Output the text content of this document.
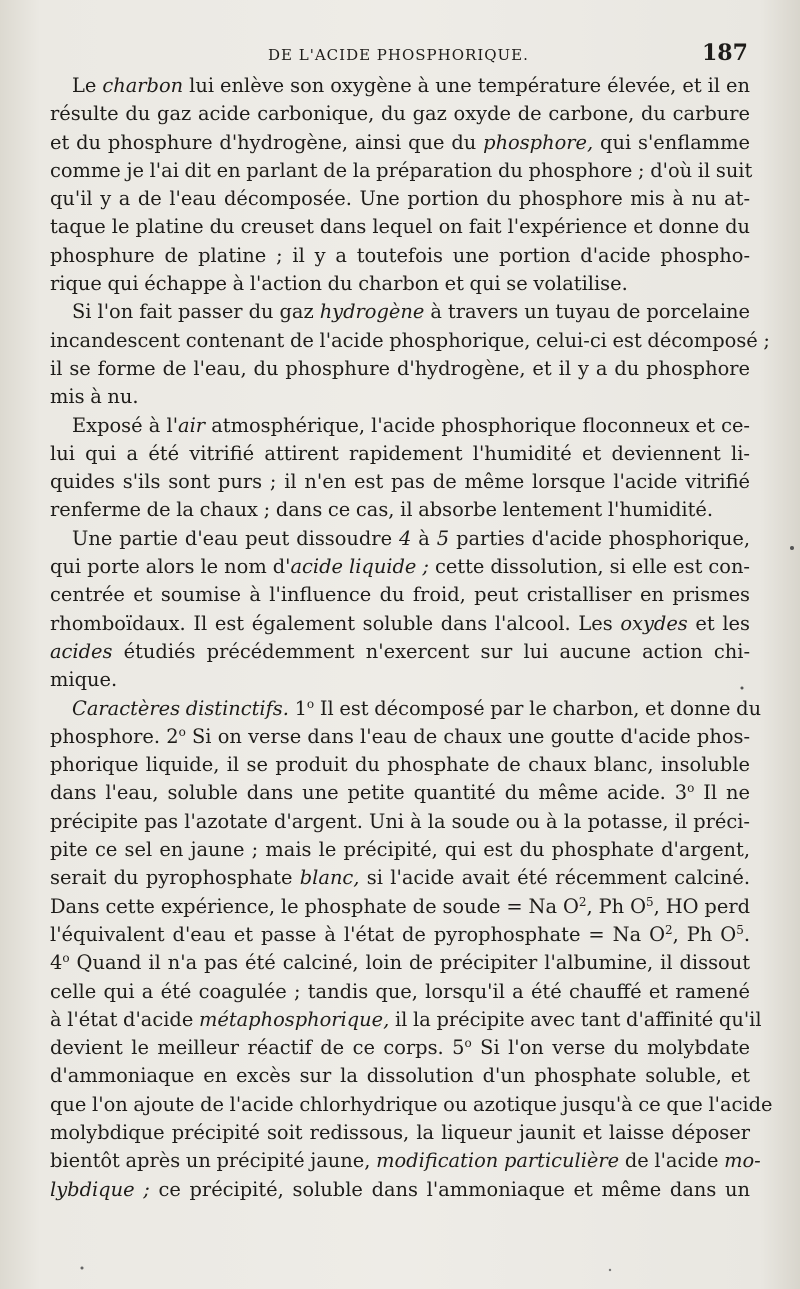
DE L'ACIDE PHOSPHORIQUE.	187
Le charbon lui enlève son oxygène à une température élevée, et il en
résulte du gaz acide carbonique, du gaz oxyde de carbone, du carbure
et du phosphure d'hydrogène, ainsi que du phosphore, qui s'enflamme
comme je l'ai dit en parlant de la préparation du phosphore ; d'où il suit
qu'il y a de l'eau décomposée. Une portion du phosphore mis à nu at-
taque le platine du creuset dans lequel on fait l'expérience et donne du
phosphure de platine ; il y a toutefois une portion d'acide phospho-
rique qui échappe à l'action du charbon et qui se volatilise.
Si l'on fait passer du gaz hydrogène à travers un tuyau de porcelaine
incandescent contenant de l'acide phosphorique, celui-ci est décomposé ;
il se forme de l'eau, du phosphure d'hydrogène, et il y a du phosphore
mis à nu.
Exposé à l'air atmosphérique, l'acide phosphorique floconneux et ce-
lui qui a été vitrifié attirent rapidement l'humidité et deviennent li-
quides s'ils sont purs ; il n'en est pas de même lorsque l'acide vitrifié
renferme de la chaux ; dans ce cas, il absorbe lentement l'humidité.
Une partie d'eau peut dissoudre 4 à 5 parties d'acide phosphorique,
qui porte alors le nom d'acide liquide ; cette dissolution, si elle est con-
centrée et soumise à l'influence du froid, peut cristalliser en prismes
rhomboïdaux. Il est également soluble dans l'alcool. Les oxydes et les
acides étudiés précédemment n'exercent sur lui aucune action chi-
mique.
Caractères distinctifs. 1$^o$ Il est décomposé par le charbon, et donne du
phosphore. 2$^o$ Si on verse dans l'eau de chaux une goutte d'acide phos-
phorique liquide, il se produit du phosphate de chaux blanc, insoluble
dans l'eau, soluble dans une petite quantité du même acide. 3$^o$ Il ne
précipite pas l'azotate d'argent. Uni à la soude ou à la potasse, il préci-
pite ce sel en jaune ; mais le précipité, qui est du phosphate d'argent,
serait du pyrophosphate blanc, si l'acide avait été récemment calciné.
Dans cette expérience, le phosphate de soude = Na $O^2$, Ph $O^5$, HO perd
l'équivalent d'eau et passe à l'état de pyrophosphate = Na $O^2$, Ph $O^5$.
4$^o$ Quand il n'a pas été calciné, loin de précipiter l'albumine, il dissout
celle qui a été coagulée ; tandis que, lorsqu'il a été chauffé et ramené
à l'état d'acide métaphosphorique, il la précipite avec tant d'affinité qu'il
devient le meilleur réactif de ce corps. 5$^o$ Si l'on verse du molybdate
d'ammoniaque en excès sur la dissolution d'un phosphate soluble, et
que l'on ajoute de l'acide chlorhydrique ou azotique jusqu'à ce que l'acide
molybdique précipité soit redissous, la liqueur jaunit et laisse déposer
bientôt après un précipité jaune, modification particulière de l'acide mo-
lybdique ; ce précipité, soluble dans l'ammoniaque et même dans un
